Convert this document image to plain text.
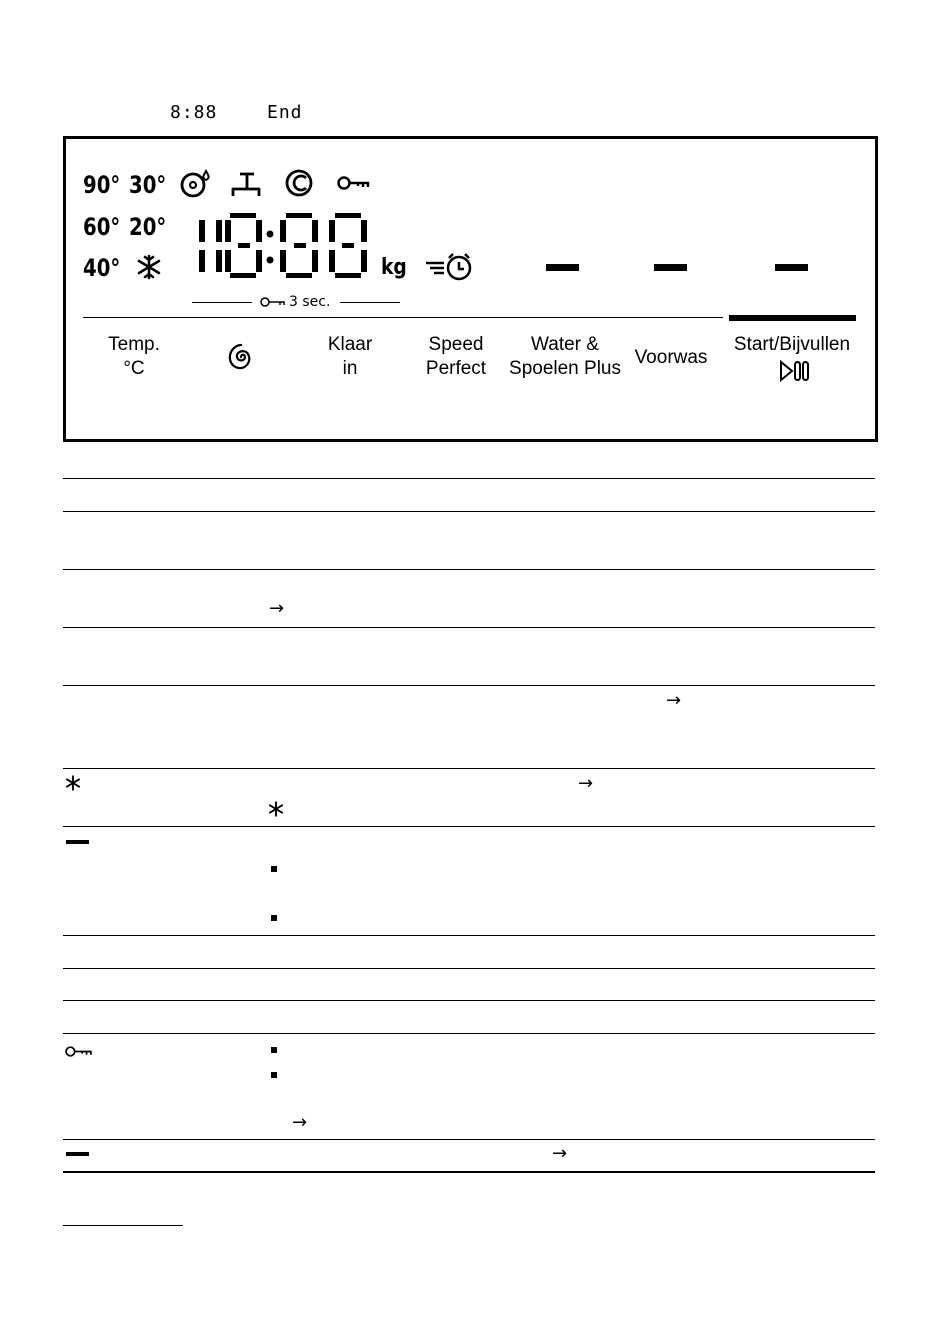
8:88	End
90° 30°
60° 20°
40°	kg
3 sec.
Temp.
°C
Klaar
in
Speed
Perfect
Water &
Spoelen Plus
Voorwas
Start/Bijvullen
→
→
→
→
→
